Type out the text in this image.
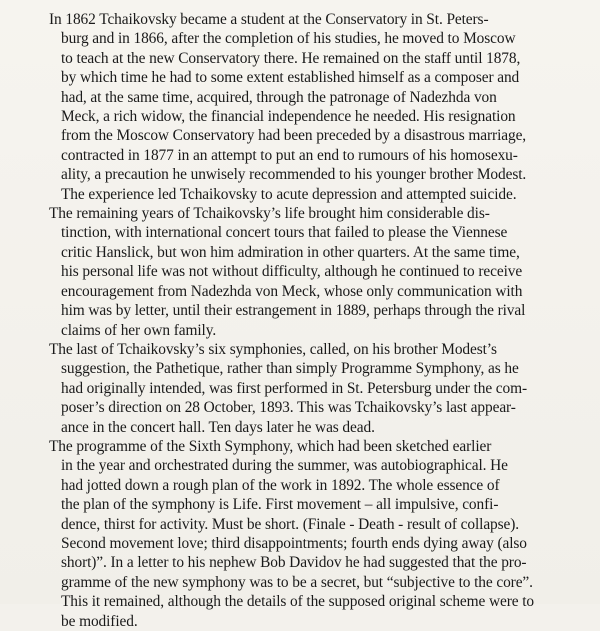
In 1862 Tchaikovsky became a student at the Conservatory in St. Peters-
burg and in 1866, after the completion of his studies, he moved to Moscow
to teach at the new Conservatory there. He remained on the staff until 1878,
by which time he had to some extent established himself as a composer and
had, at the same time, acquired, through the patronage of Nadezhda von
Meck, a rich widow, the financial independence he needed. His resignation
from the Moscow Conservatory had been preceded by a disastrous marriage,
contracted in 1877 in an attempt to put an end to rumours of his homosexu-
ality, a precaution he unwisely recommended to his younger brother Modest.
The experience led Tchaikovsky to acute depression and attempted suicide.

The remaining years of Tchaikovsky’s life brought him considerable dis-
tinction, with international concert tours that failed to please the Viennese
critic Hanslick, but won him admiration in other quarters. At the same time,
his personal life was not without difficulty, although he continued to receive
encouragement from Nadezhda von Meck, whose only communication with
him was by letter, until their estrangement in 1889, perhaps through the rival
claims of her own family.

The last of Tchaikovsky’s six symphonies, called, on his brother Modest’s
suggestion, the Pathetique, rather than simply Programme Symphony, as he
had originally intended, was first performed in St. Petersburg under the com-
poser’s direction on 28 October, 1893. This was Tchaikovsky’s last appear-
ance in the concert hall. Ten days later he was dead.

The programme of the Sixth Symphony, which had been sketched earlier
in the year and orchestrated during the summer, was autobiographical. He
had jotted down a rough plan of the work in 1892. The whole essence of
the plan of the symphony is Life. First movement – all impulsive, confi-
dence, thirst for activity. Must be short. (Finale - Death - result of collapse).
Second movement love; third disappointments; fourth ends dying away (also
short)”. In a letter to his nephew Bob Davidov he had suggested that the pro-
gramme of the new symphony was to be a secret, but “subjective to the core”.
This it remained, although the details of the supposed original scheme were to
be modified.
